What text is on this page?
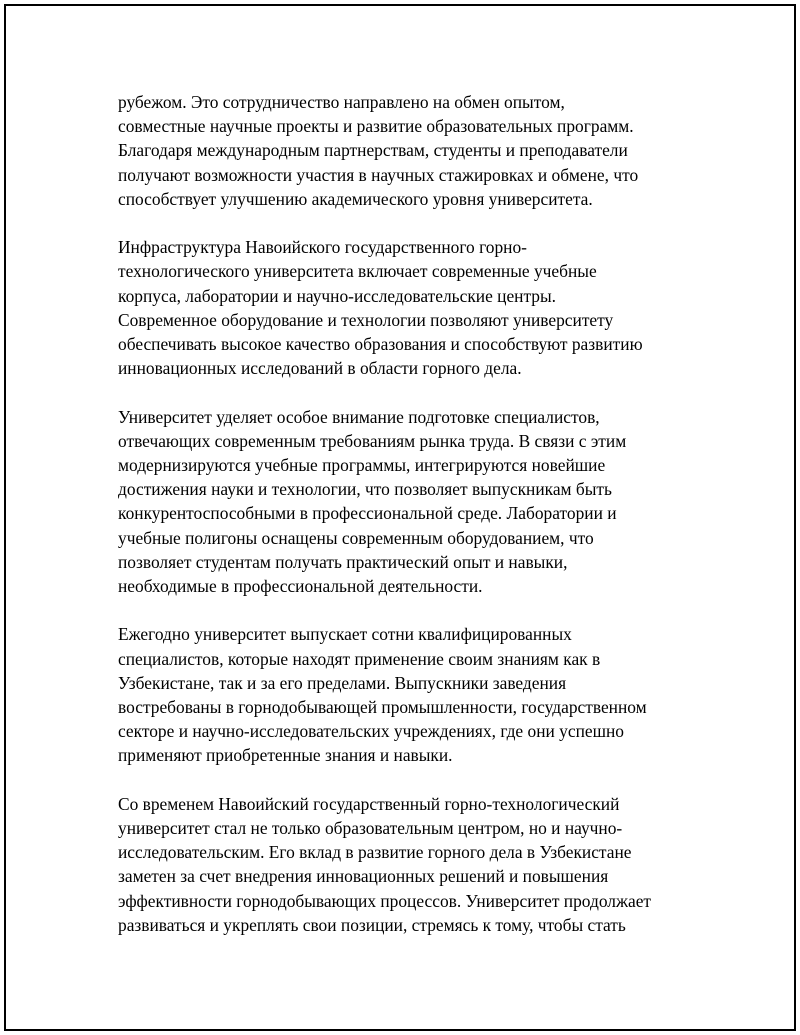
рубежом. Это сотрудничество направлено на обмен опытом,
совместные научные проекты и развитие образовательных программ.
Благодаря международным партнерствам, студенты и преподаватели
получают возможности участия в научных стажировках и обмене, что
способствует улучшению академического уровня университета.

Инфраструктура Навоийского государственного горно-
технологического университета включает современные учебные
корпуса, лаборатории и научно-исследовательские центры.
Современное оборудование и технологии позволяют университету
обеспечивать высокое качество образования и способствуют развитию
инновационных исследований в области горного дела.

Университет уделяет особое внимание подготовке специалистов,
отвечающих современным требованиям рынка труда. В связи с этим
модернизируются учебные программы, интегрируются новейшие
достижения науки и технологии, что позволяет выпускникам быть
конкурентоспособными в профессиональной среде. Лаборатории и
учебные полигоны оснащены современным оборудованием, что
позволяет студентам получать практический опыт и навыки,
необходимые в профессиональной деятельности.

Ежегодно университет выпускает сотни квалифицированных
специалистов, которые находят применение своим знаниям как в
Узбекистане, так и за его пределами. Выпускники заведения
востребованы в горнодобывающей промышленности, государственном
секторе и научно-исследовательских учреждениях, где они успешно
применяют приобретенные знания и навыки.

Со временем Навоийский государственный горно-технологический
университет стал не только образовательным центром, но и научно-
исследовательским. Его вклад в развитие горного дела в Узбекистане
заметен за счет внедрения инновационных решений и повышения
эффективности горнодобывающих процессов. Университет продолжает
развиваться и укреплять свои позиции, стремясь к тому, чтобы стать
